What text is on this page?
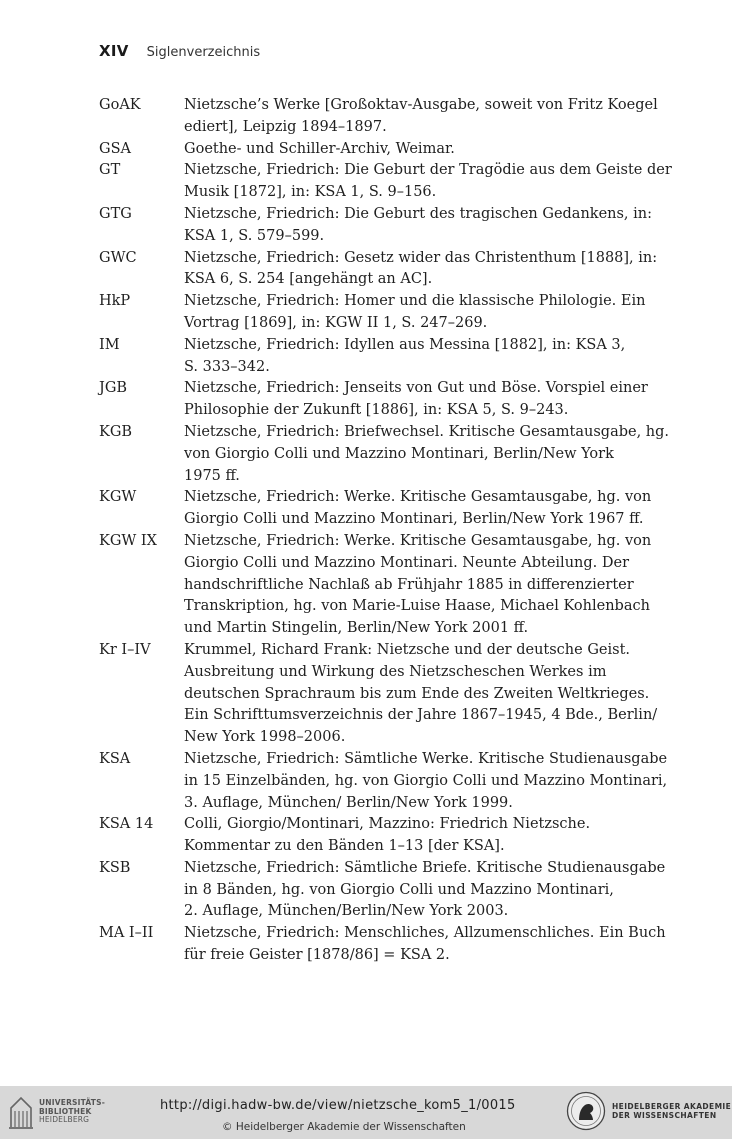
XIV Siglenverzeichnis
GoAK	Nietzsche’s Werke [Großoktav-Ausgabe, soweit von Fritz Koegel
ediert], Leipzig 1894–1897.
GSA	Goethe- und Schiller-Archiv, Weimar.
GT	Nietzsche, Friedrich: Die Geburt der Tragödie aus dem Geiste der
Musik [1872], in: KSA 1, S. 9–156.
GTG	Nietzsche, Friedrich: Die Geburt des tragischen Gedankens, in:
KSA 1, S. 579–599.
GWC	Nietzsche, Friedrich: Gesetz wider das Christenthum [1888], in:
KSA 6, S. 254 [angehängt an AC].
HkP	Nietzsche, Friedrich: Homer und die klassische Philologie. Ein
Vortrag [1869], in: KGW II 1, S. 247–269.
IM	Nietzsche, Friedrich: Idyllen aus Messina [1882], in: KSA 3,
S. 333–342.
JGB	Nietzsche, Friedrich: Jenseits von Gut und Böse. Vorspiel einer
Philosophie der Zukunft [1886], in: KSA 5, S. 9–243.
KGB	Nietzsche, Friedrich: Briefwechsel. Kritische Gesamtausgabe, hg.
von Giorgio Colli und Mazzino Montinari, Berlin/New York
1975 ff.
KGW	Nietzsche, Friedrich: Werke. Kritische Gesamtausgabe, hg. von
Giorgio Colli und Mazzino Montinari, Berlin/New York 1967 ff.
KGW IX	Nietzsche, Friedrich: Werke. Kritische Gesamtausgabe, hg. von
Giorgio Colli und Mazzino Montinari. Neunte Abteilung. Der
handschriftliche Nachlaß ab Frühjahr 1885 in differenzierter
Transkription, hg. von Marie-Luise Haase, Michael Kohlenbach
und Martin Stingelin, Berlin/New York 2001 ff.
Kr I–IV	Krummel, Richard Frank: Nietzsche und der deutsche Geist.
Ausbreitung und Wirkung des Nietzscheschen Werkes im
deutschen Sprachraum bis zum Ende des Zweiten Weltkrieges.
Ein Schrifttumsverzeichnis der Jahre 1867–1945, 4 Bde., Berlin/
New York 1998–2006.
KSA	Nietzsche, Friedrich: Sämtliche Werke. Kritische Studienausgabe
in 15 Einzelbänden, hg. von Giorgio Colli und Mazzino Montinari,
3. Auflage, München/ Berlin/New York 1999.
KSA 14	Colli, Giorgio/Montinari, Mazzino: Friedrich Nietzsche.
Kommentar zu den Bänden 1–13 [der KSA].
KSB	Nietzsche, Friedrich: Sämtliche Briefe. Kritische Studienausgabe
in 8 Bänden, hg. von Giorgio Colli und Mazzino Montinari,
2. Auflage, München/Berlin/New York 2003.
MA I–II	Nietzsche, Friedrich: Menschliches, Allzumenschliches. Ein Buch
für freie Geister [1878/86] = KSA 2.
UNIVERSITÄTS-
BIBLIOTHEK
HEIDELBERG
http://digi.hadw-bw.de/view/nietzsche_kom5_1/0015
© Heidelberger Akademie der Wissenschaften
HEIDELBERGER AKADEMIE
DER WISSENSCHAFTEN
